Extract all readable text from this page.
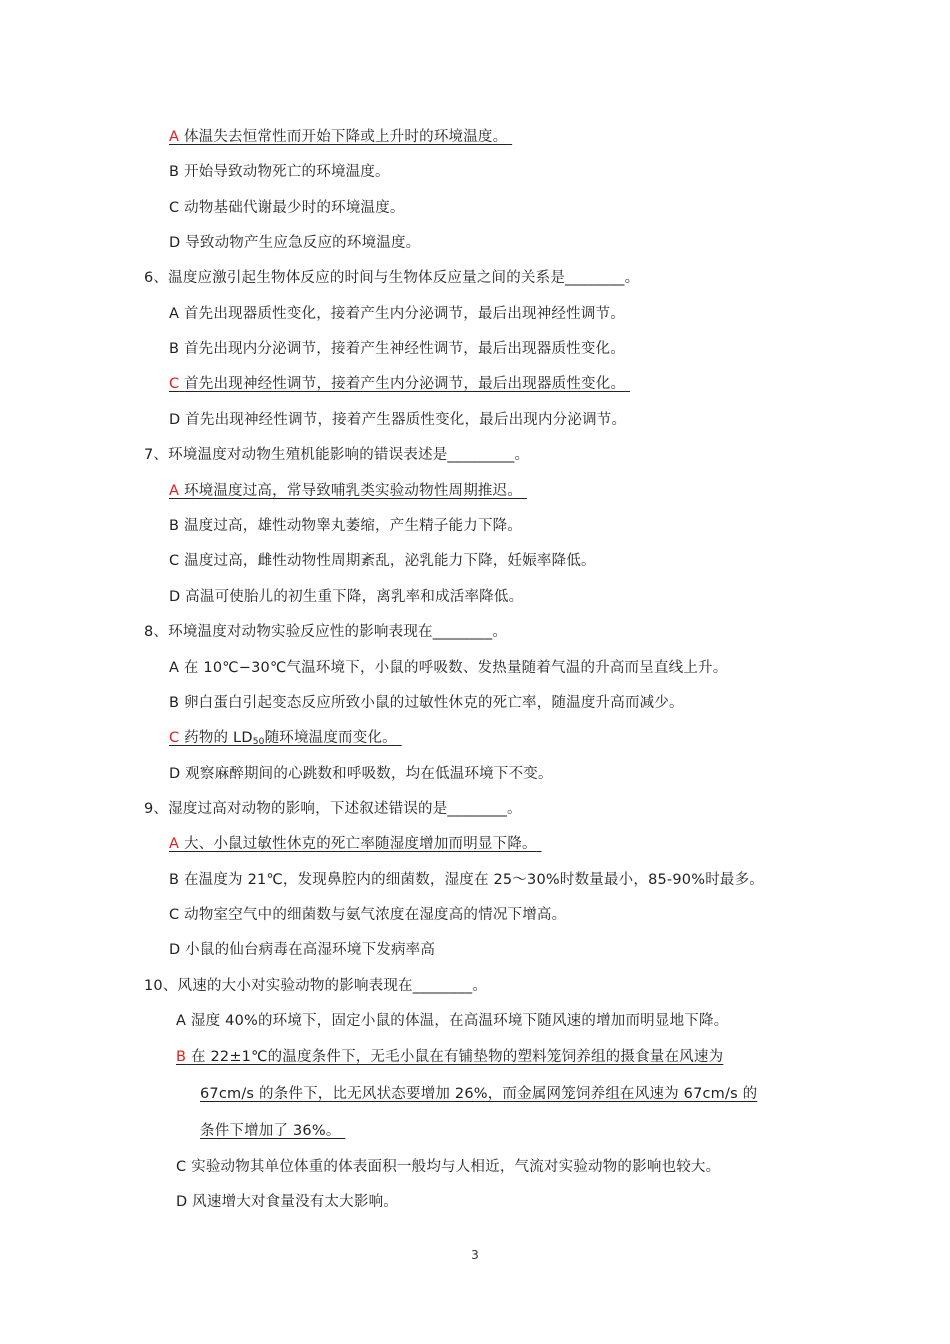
A 体温失去恒常性而开始下降或上升时的环境温度。
B 开始导致动物死亡的环境温度。
C 动物基础代谢最少时的环境温度。
D 导致动物产生应急反应的环境温度。
6、温度应激引起生物体反应的时间与生物体反应量之间的关系是________。
A 首先出现器质性变化，接着产生内分泌调节，最后出现神经性调节。
B 首先出现内分泌调节，接着产生神经性调节，最后出现器质性变化。
C 首先出现神经性调节，接着产生内分泌调节，最后出现器质性变化。
D 首先出现神经性调节，接着产生器质性变化，最后出现内分泌调节。
7、环境温度对动物生殖机能影响的错误表述是_________。
A 环境温度过高，常导致哺乳类实验动物性周期推迟。
B 温度过高，雄性动物睾丸萎缩，产生精子能力下降。
C 温度过高，雌性动物性周期紊乱，泌乳能力下降，妊娠率降低。
D 高温可使胎儿的初生重下降，离乳率和成活率降低。
8、环境温度对动物实验反应性的影响表现在________。
A 在 10℃−30℃气温环境下，小鼠的呼吸数、发热量随着气温的升高而呈直线上升。
B 卵白蛋白引起变态反应所致小鼠的过敏性休克的死亡率，随温度升高而减少。
C 药物的 $LD_{50}$随环境温度而变化。
D 观察麻醉期间的心跳数和呼吸数，均在低温环境下不变。
9、湿度过高对动物的影响，下述叙述错误的是________。
A 大、小鼠过敏性休克的死亡率随湿度增加而明显下降。
B 在温度为 21℃，发现鼻腔内的细菌数，湿度在 25～30%时数量最小，85-90%时最多。
C 动物室空气中的细菌数与氨气浓度在湿度高的情况下增高。
D 小鼠的仙台病毒在高湿环境下发病率高
10、风速的大小对实验动物的影响表现在________。
A 湿度 40%的环境下，固定小鼠的体温，在高温环境下随风速的增加而明显地下降。
B 在 22±1℃的温度条件下，无毛小鼠在有铺垫物的塑料笼饲养组的摄食量在风速为
67cm/s 的条件下，比无风状态要增加 26%，而金属网笼饲养组在风速为 67cm/s 的
条件下增加了 36%。
C 实验动物其单位体重的体表面积一般均与人相近，气流对实验动物的影响也较大。
D 风速增大对食量没有太大影响。
3
